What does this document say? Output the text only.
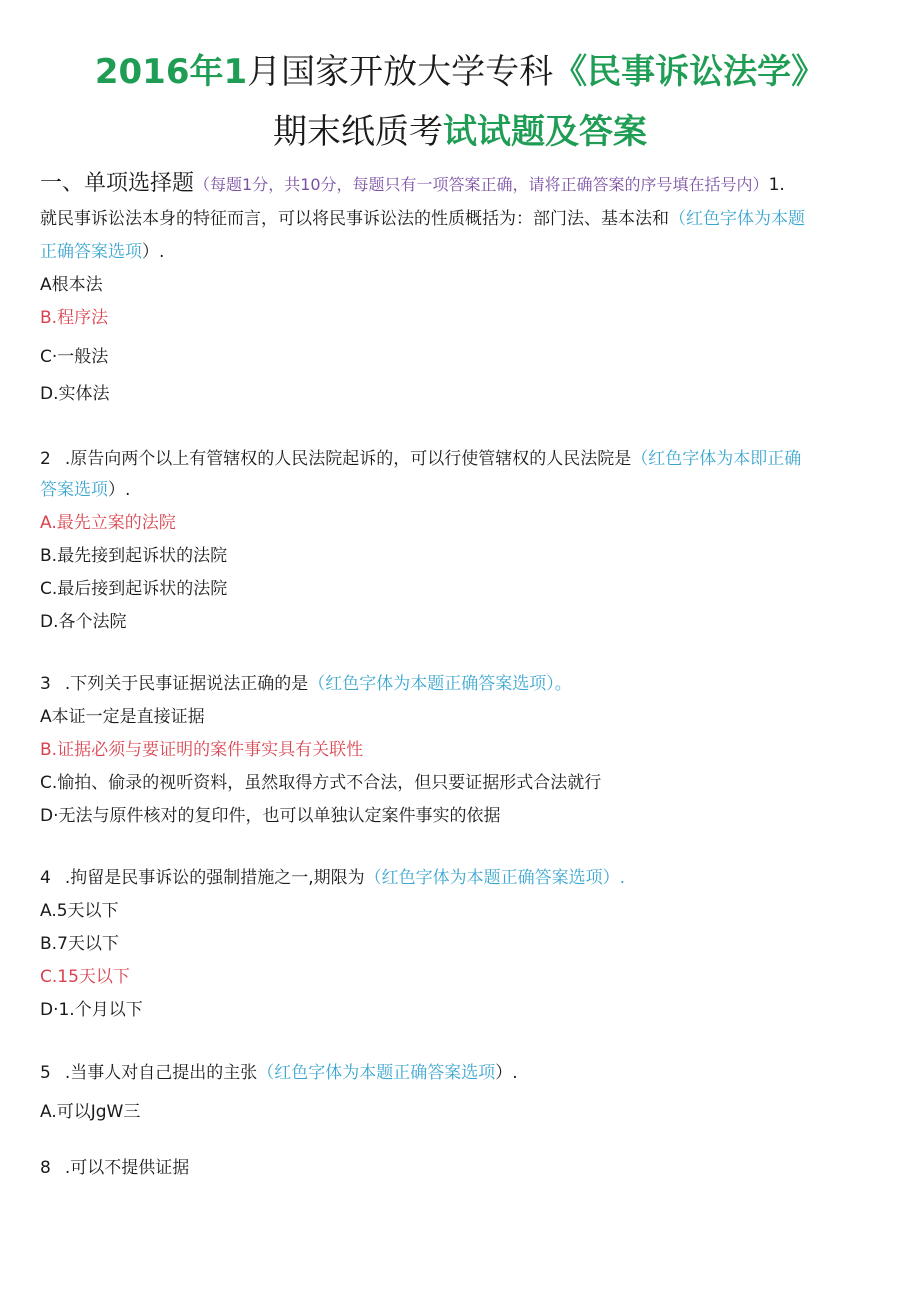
2016年1月国家开放大学专科《民事诉讼法学》
期末纸质考试试题及答案
一、单项选择题（每题1分，共10分，每题只有一项答案正确，请将正确答案的序号填在括号内）1.
就民事诉讼法本身的特征而言，可以将民事诉讼法的性质概括为：部门法、基本法和（红色字体为本题
正确答案选项）.
A根本法
B.程序法
C·一般法
D.实体法
2 .原告向两个以上有管辖权的人民法院起诉的，可以行使管辖权的人民法院是（红色字体为本即正确
答案选项）.
A.最先立案的法院
B.最先接到起诉状的法院
C.最后接到起诉状的法院
D.各个法院
3 .下列关于民事证据说法正确的是（红色字体为本题正确答案选项）。
A本证一定是直接证据
B.证据必须与要证明的案件事实具有关联性
C.愉拍、偷录的视听资料，虽然取得方式不合法，但只要证据形式合法就行
D·无法与原件核对的复印件，也可以单独认定案件事实的依据
4 .拘留是民事诉讼的强制措施之一,期限为（红色字体为本题正确答案选项）.
A.5天以下
B.7天以下
C.15天以下
D·1.个月以下
5 .当事人对自己提出的主张（红色字体为本题正确答案选项）.
A.可以JgW三
8 .可以不提供证据
